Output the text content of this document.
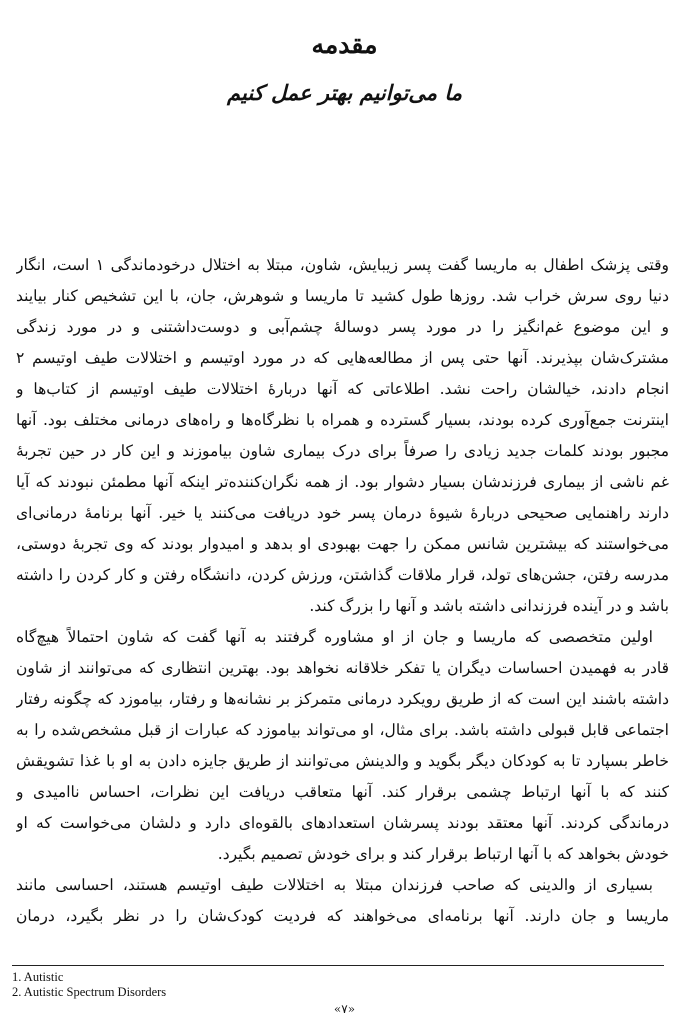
مقدمه
ما می‌توانیم بهتر عمل کنیم
وقتی پزشک اطفال به ماریسا گفت پسر زیبایش، شاون، مبتلا به اختلال درخودماندگی ۱ است، انگار
دنیا روی سرش خراب شد. روزها طول کشید تا ماریسا و شوهرش، جان، با این تشخیص کنار بیایند
و این موضوع غم‌انگیز را در مورد پسر دوسالهٔ چشم‌آبی و دوست‌داشتنی و در مورد زندگی
مشترک‌شان بپذیرند. آنها حتی پس از مطالعه‌هایی که در مورد اوتیسم و اختلالات طیف اوتیسم ۲
انجام دادند، خیالشان راحت نشد. اطلاعاتی که آنها دربارهٔ اختلالات طیف اوتیسم از کتاب‌ها و
اینترنت جمع‌آوری کرده بودند، بسیار گسترده و همراه با نظرگاه‌ها و راه‌های درمانی مختلف بود. آنها
مجبور بودند کلمات جدید زیادی را صرفاً برای درک بیماری شاون بیاموزند و این کار در حین تجربهٔ
غم ناشی از بیماری فرزندشان بسیار دشوار بود. از همه نگران‌کننده‌تر اینکه آنها مطمئن نبودند که آیا
دارند راهنمایی صحیحی دربارهٔ شیوهٔ درمان پسر خود دریافت می‌کنند یا خیر. آنها برنامهٔ درمانی‌ای
می‌خواستند که بیشترین شانس ممکن را جهت بهبودی او بدهد و امیدوار بودند که وی تجربهٔ دوستی،
مدرسه رفتن، جشن‌های تولد، قرار ملاقات گذاشتن، ورزش کردن، دانشگاه رفتن و کار کردن را داشته
باشد و در آینده فرزندانی داشته باشد و آنها را بزرگ کند.
اولین متخصصی که ماریسا و جان از او مشاوره گرفتند به آنها گفت که شاون احتمالاً هیچ‌گاه
قادر به فهمیدن احساسات دیگران یا تفکر خلاقانه نخواهد بود. بهترین انتظاری که می‌توانند از شاون
داشته باشند این است که از طریق رویکرد درمانی متمرکز بر نشانه‌ها و رفتار، بیاموزد که چگونه رفتار
اجتماعی قابل قبولی داشته باشد. برای مثال، او می‌تواند بیاموزد که عبارات از قبل مشخص‌شده را به
خاطر بسپارد تا به کودکان دیگر بگوید و والدینش می‌توانند از طریق جایزه دادن به او با غذا تشویقش
کنند که با آنها ارتباط چشمی برقرار کند. آنها متعاقب دریافت این نظرات، احساس ناامیدی و
درماندگی کردند. آنها معتقد بودند پسرشان استعدادهای بالقوه‌ای دارد و دلشان می‌خواست که او
خودش بخواهد که با آنها ارتباط برقرار کند و برای خودش تصمیم بگیرد.
بسیاری از والدینی که صاحب فرزندان مبتلا به اختلالات طیف اوتیسم هستند، احساسی مانند
ماریسا و جان دارند. آنها برنامه‌ای می‌خواهند که فردیت کودک‌شان را در نظر بگیرد، درمان
1. Autistic
2. Autistic Spectrum Disorders
«۷»
